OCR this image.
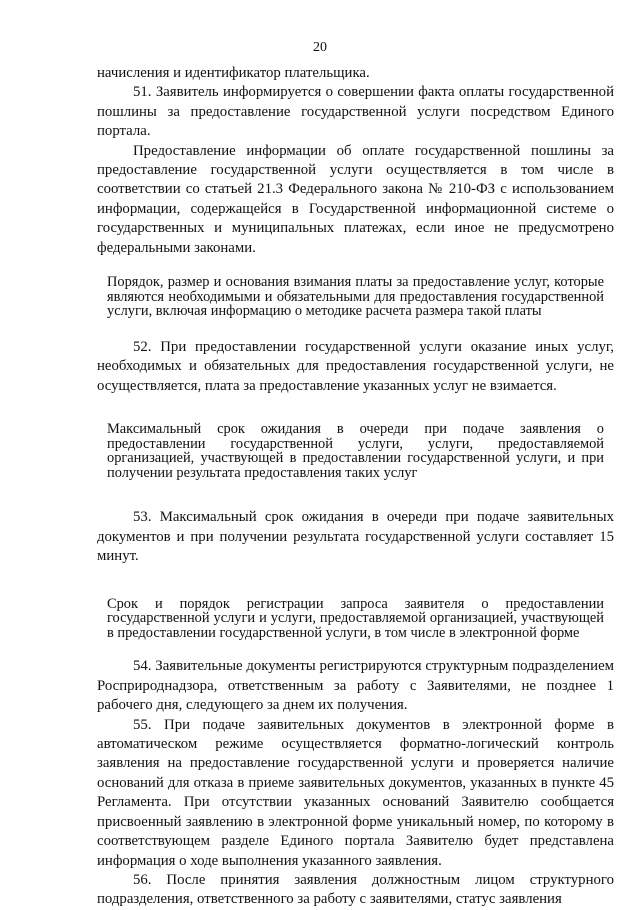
20

начисления и идентификатор плательщика.

51. Заявитель информируется о совершении факта оплаты государственной пошлины за предоставление государственной услуги посредством Единого портала.

Предоставление информации об оплате государственной пошлины за предоставление государственной услуги осуществляется в том числе в соответствии со статьей 21.3 Федерального закона № 210-ФЗ с использованием информации, содержащейся в Государственной информационной системе о государственных и муниципальных платежах, если иное не предусмотрено федеральными законами.

Порядок, размер и основания взимания платы за предоставление услуг, которые являются необходимыми и обязательными для предоставления государственной услуги, включая информацию о методике расчета размера такой платы

52. При предоставлении государственной услуги оказание иных услуг, необходимых и обязательных для предоставления государственной услуги, не осуществляется, плата за предоставление указанных услуг не взимается.

Максимальный срок ожидания в очереди при подаче заявления о предоставлении государственной услуги, услуги, предоставляемой организацией, участвующей в предоставлении государственной услуги, и при получении результата предоставления таких услуг

53. Максимальный срок ожидания в очереди при подаче заявительных документов и при получении результата государственной услуги составляет 15 минут.

Срок и порядок регистрации запроса заявителя о предоставлении государственной услуги и услуги, предоставляемой организацией, участвующей в предоставлении государственной услуги, в том числе в электронной форме

54. Заявительные документы регистрируются структурным подразделением Росприроднадзора, ответственным за работу с Заявителями, не позднее 1 рабочего дня, следующего за днем их получения.

55. При подаче заявительных документов в электронной форме в автоматическом режиме осуществляется форматно-логический контроль заявления на предоставление государственной услуги и проверяется наличие оснований для отказа в приеме заявительных документов, указанных в пункте 45 Регламента. При отсутствии указанных оснований Заявителю сообщается присвоенный заявлению в электронной форме уникальный номер, по которому в соответствующем разделе Единого портала Заявителю будет представлена информация о ходе выполнения указанного заявления.

56. После принятия заявления должностным лицом структурного подразделения, ответственного за работу с заявителями, статус заявления
